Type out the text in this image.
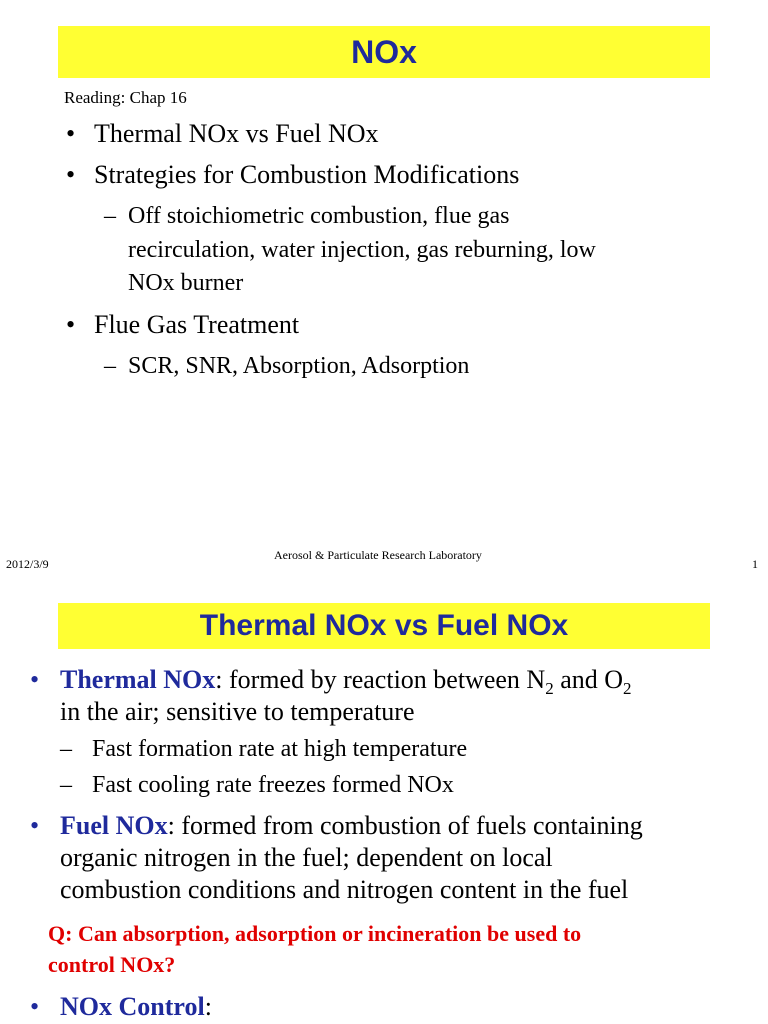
NOx
Reading: Chap 16
• Thermal NOx vs Fuel NOx
• Strategies for Combustion Modifications
– Off stoichiometric combustion, flue gas
recirculation, water injection, gas reburning, low
NOx burner
• Flue Gas Treatment
– SCR, SNR, Absorption, Adsorption
2012/3/9
Aerosol & Particulate Research Laboratory
1
Thermal NOx vs Fuel NOx
• Thermal NOx: formed by reaction between $N_2$ and $O_2$
in the air; sensitive to temperature
– Fast formation rate at high temperature
– Fast cooling rate freezes formed NOx
• Fuel NOx: formed from combustion of fuels containing
organic nitrogen in the fuel; dependent on local
combustion conditions and nitrogen content in the fuel
Q: Can absorption, adsorption or incineration be used to
control NOx?
• NOx Control:
